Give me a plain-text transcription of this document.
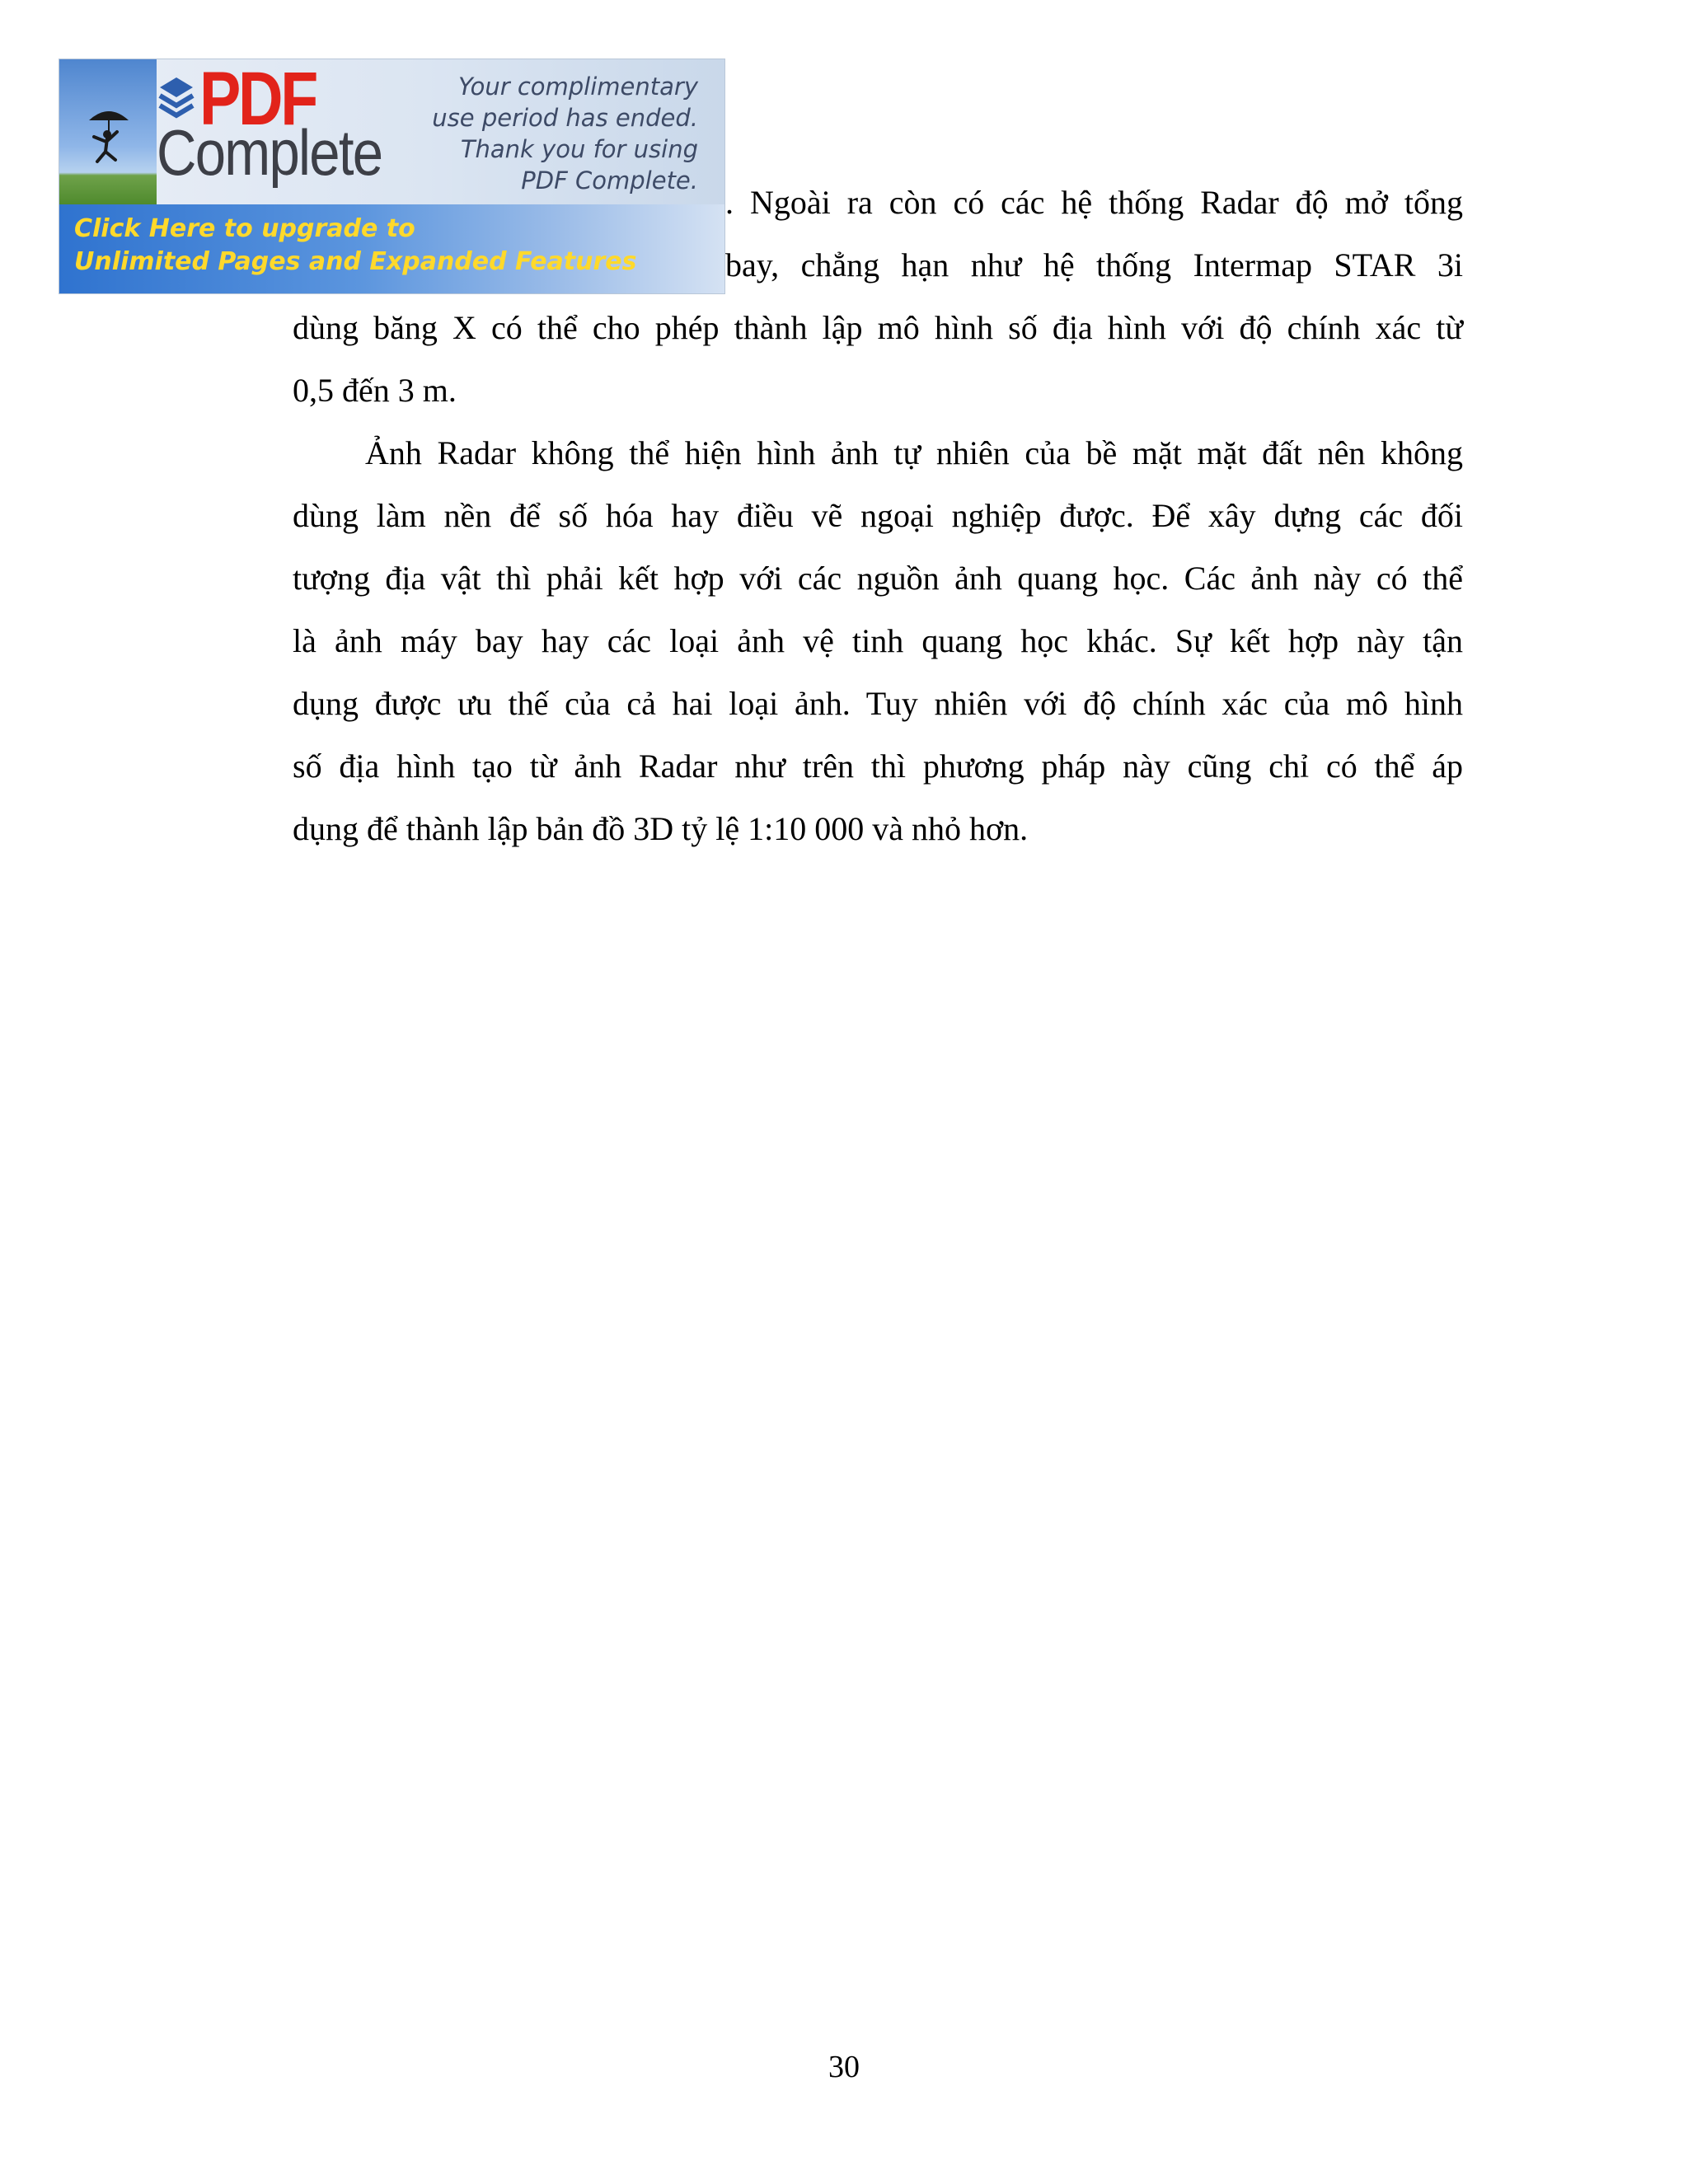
PDF
Complete
Your complimentary
use period has ended.
Thank you for using
PDF Complete.
Click Here to upgrade to
Unlimited Pages and Expanded Features
. Ngoài ra còn có các hệ thống Radar độ mở tổng
bay, chẳng hạn như hệ thống Intermap STAR 3i
dùng băng X có thể cho phép thành lập mô hình số địa hình với độ chính xác từ
0,5 đến 3 m.
Ảnh Radar không thể hiện hình ảnh tự nhiên của bề mặt mặt đất nên không
dùng làm nền để số hóa hay điều vẽ ngoại nghiệp được. Để xây dựng các đối
tượng địa vật thì phải kết hợp với các nguồn ảnh quang học. Các ảnh này có thể
là ảnh máy bay hay các loại ảnh vệ tinh quang học khác. Sự kết hợp này tận
dụng được ưu thế của cả hai loại ảnh. Tuy nhiên với độ chính xác của mô hình
số địa hình tạo từ ảnh Radar như trên thì phương pháp này cũng chỉ có thể áp
dụng để thành lập bản đồ 3D tỷ lệ 1:10 000 và nhỏ hơn.
30
